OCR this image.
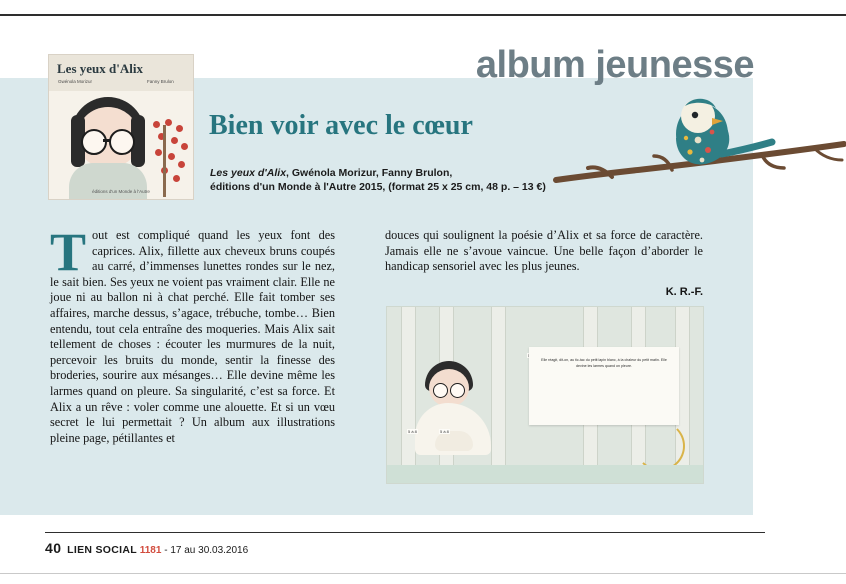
album jeunesse
Les yeux d'Alix
Gwénola Morizur	Fanny Brulon
éditions d'un Monde à l'Autre
Bien voir avec le cœur
Les yeux d'Alix, Gwénola Morizur, Fanny Brulon,
éditions d'un Monde à l'Autre 2015, (format 25 x 25 cm, 48 p. – 13 €)
Tout est compliqué quand les yeux font des caprices. Alix, fillette aux cheveux bruns coupés au carré, d’immenses lunettes rondes sur le nez, le sait bien. Ses yeux ne voient pas vraiment clair. Elle ne joue ni au ballon ni à chat perché. Elle fait tomber ses affaires, marche dessus, s’agace, trébuche, tombe… Bien entendu, tout cela entraîne des moqueries. Mais Alix sait tellement de choses : écouter les murmures de la nuit, percevoir les bruits du monde, sentir la finesse des broderies, sourire aux mésanges… Elle devine même les larmes quand on pleure. Sa singularité, c’est sa force. Et Alix a un rêve : voler comme une alouette. Et si un vœu secret le lui permettait ? Un album aux illustrations pleine page, pétillantes et
douces qui soulignent la poésie d’Alix et sa force de caractère. Jamais elle ne s’avoue vaincue. Une belle façon d’aborder le handicap sensoriel avec les plus jeunes.
K. R.-F.

Elle réagit, dit-on, au tic-tac du petit lapin blanc, à la chaleur du petit matin. Elle devine les larmes quand on pleure.

5 à 8	5 à 8
40 LIEN SOCIAL 1181 - 17 au 30.03.2016
